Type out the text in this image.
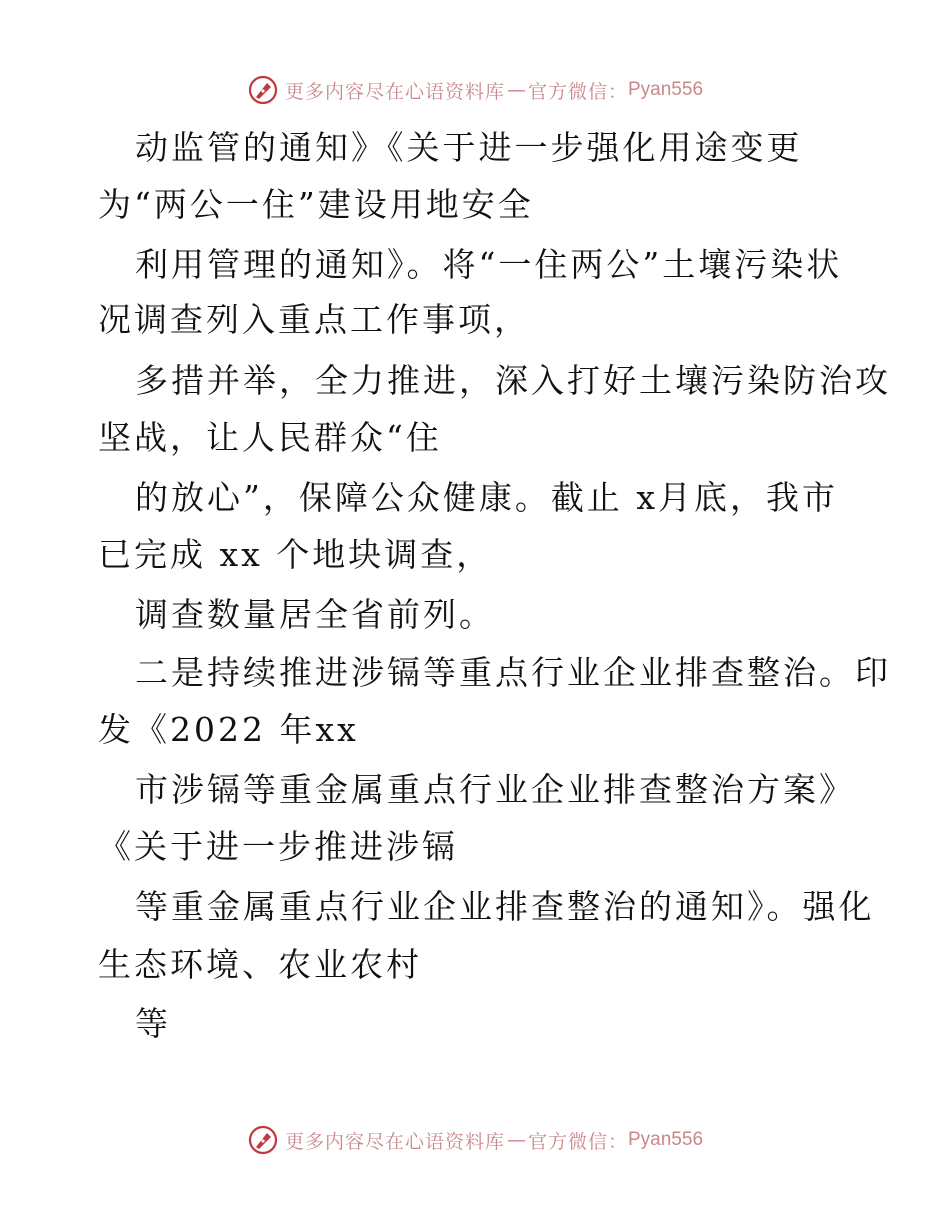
更多内容尽在心语资料库 — 官方微信： Pyan556
动监管的通知》《关于进一步强化用途变更
为“两公一住”建设用地安全
利用管理的通知》。将“一住两公”土壤污染状
况调查列入重点工作事项，
多措并举，全力推进，深入打好土壤污染防治攻
坚战，让人民群众“住
的放心”，保障公众健康。截止 x月底，我市
已完成 xx 个地块调查，
调查数量居全省前列。
二是持续推进涉镉等重点行业企业排查整治。印
发《2022 年xx
市涉镉等重金属重点行业企业排查整治方案》
《关于进一步推进涉镉
等重金属重点行业企业排查整治的通知》。强化
生态环境、农业农村
等
更多内容尽在心语资料库 — 官方微信： Pyan556
